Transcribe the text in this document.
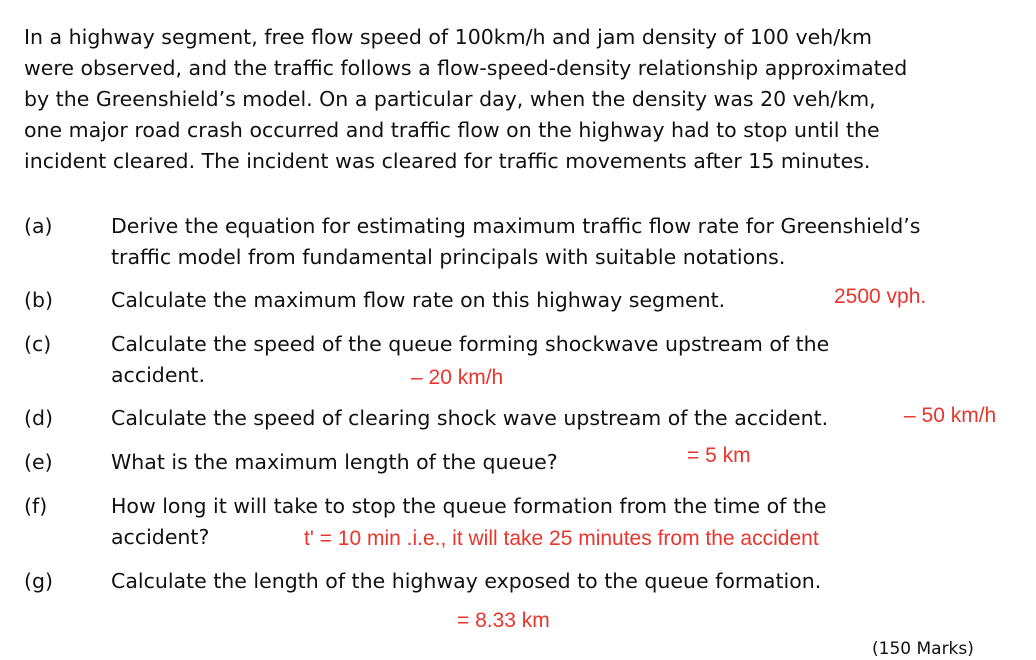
In a highway segment, free flow speed of 100km/h and jam density of 100 veh/km
were observed, and the traffic follows a flow-speed-density relationship approximated
by the Greenshield’s model. On a particular day, when the density was 20 veh/km,
one major road crash occurred and traffic flow on the highway had to stop until the
incident cleared. The incident was cleared for traffic movements after 15 minutes.
(a)	Derive the equation for estimating maximum traffic flow rate for Greenshield’s
traffic model from fundamental principals with suitable notations.
(b)	Calculate the maximum flow rate on this highway segment.	2500 vph.
(c)	Calculate the speed of the queue forming shockwave upstream of the
accident.	– 20 km/h
(d)	Calculate the speed of clearing shock wave upstream of the accident.	– 50 km/h
(e)	What is the maximum length of the queue?	= 5 km
(f)	How long it will take to stop the queue formation from the time of the
accident?	t' = 10 min .i.e., it will take 25 minutes from the accident
(g)	Calculate the length of the highway exposed to the queue formation.
= 8.33 km
(150 Marks)
